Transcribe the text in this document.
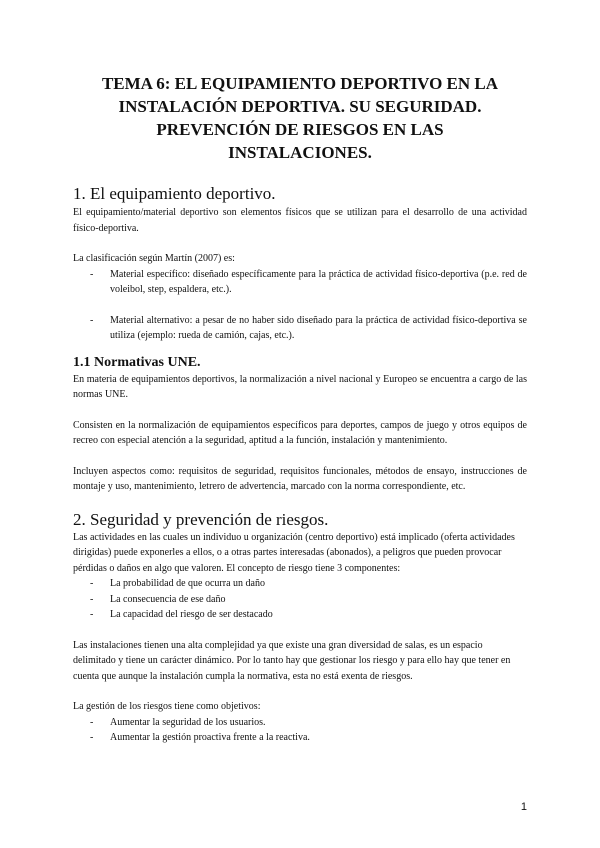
TEMA 6: EL EQUIPAMIENTO DEPORTIVO EN LA
INSTALACIÓN DEPORTIVA. SU SEGURIDAD.
PREVENCIÓN DE RIESGOS EN LAS
INSTALACIONES.
1. El equipamiento deportivo.

El equipamiento/material deportivo son elementos físicos que se utilizan para el desarrollo de una actividad físico-deportiva.

La clasificación según Martín (2007) es:

- Material específico: diseñado específicamente para la práctica de actividad físico-deportiva (p.e. red de voleibol, step, espaldera, etc.).
- Material alternativo: a pesar de no haber sido diseñado para la práctica de actividad físico-deportiva se utiliza (ejemplo: rueda de camión, cajas, etc.).
1.1 Normativas UNE.

En materia de equipamientos deportivos, la normalización a nivel nacional y Europeo se encuentra a cargo de las normas UNE.

Consisten en la normalización de equipamientos específicos para deportes, campos de juego y otros equipos de recreo con especial atención a la seguridad, aptitud a la función, instalación y mantenimiento.

Incluyen aspectos como: requisitos de seguridad, requisitos funcionales, métodos de ensayo, instrucciones de montaje y uso, mantenimiento, letrero de advertencia, marcado con la norma correspondiente, etc.

2. Seguridad y prevención de riesgos.

Las actividades en las cuales un individuo u organización (centro deportivo) está implicado (oferta actividades dirigidas) puede exponerles a ellos, o a otras partes interesadas (abonados), a peligros que pueden provocar pérdidas o daños en algo que valoren. El concepto de riesgo tiene 3 componentes:

- La probabilidad de que ocurra un daño
- La consecuencia de ese daño
- La capacidad del riesgo de ser destacado

Las instalaciones tienen una alta complejidad ya que existe una gran diversidad de salas, es un espacio delimitado y tiene un carácter dinámico. Por lo tanto hay que gestionar los riesgo y para ello hay que tener en cuenta que aunque la instalación cumpla la normativa, esta no está exenta de riesgos.

La gestión de los riesgos tiene como objetivos:

- Aumentar la seguridad de los usuarios.
- Aumentar la gestión proactiva frente a la reactiva.
1
